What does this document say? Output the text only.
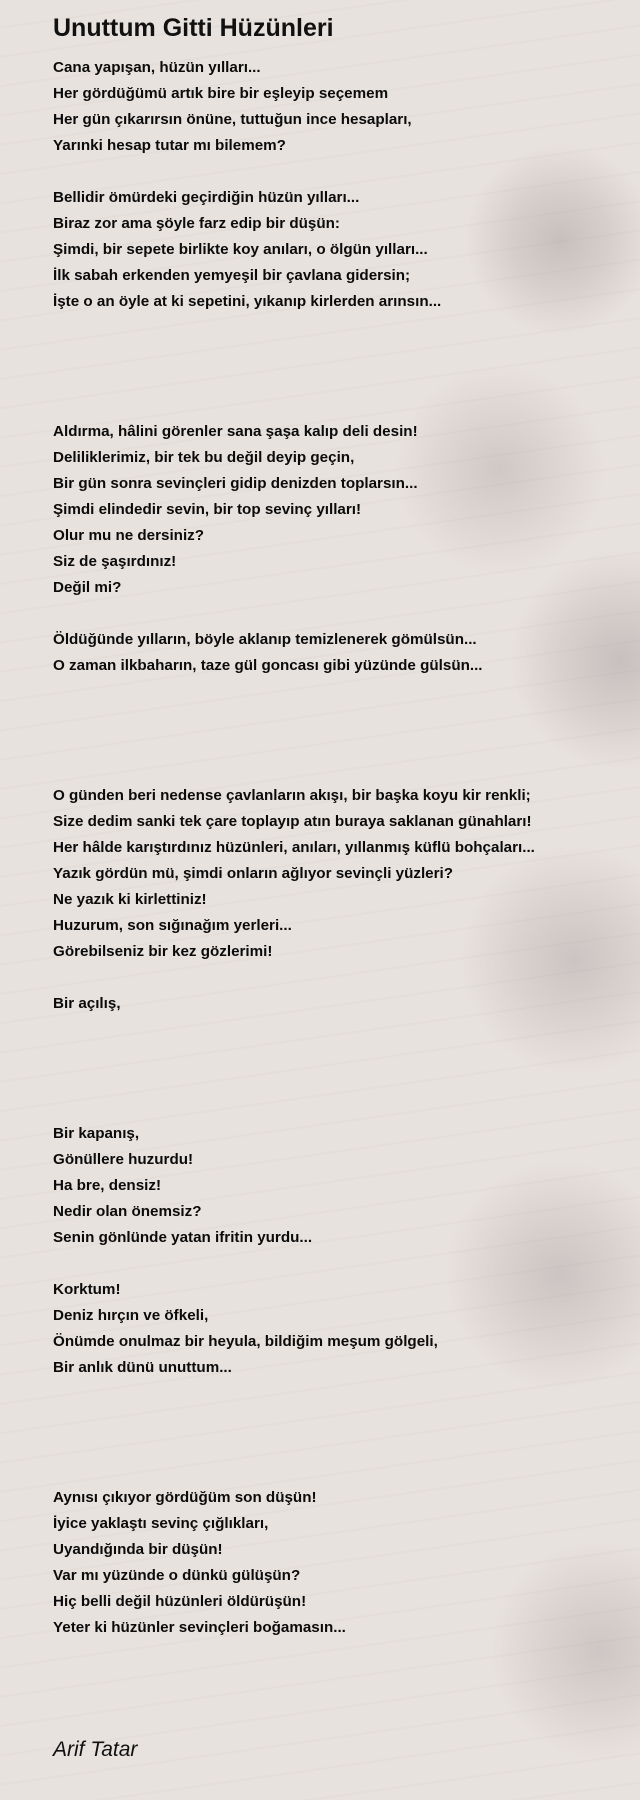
Unuttum Gitti Hüzünleri
Cana yapışan, hüzün yılları...
Her gördüğümü artık bire bir eşleyip seçemem
Her gün çıkarırsın önüne, tuttuğun ince hesapları,
Yarınki hesap tutar mı bilemem?
Bellidir ömürdeki geçirdiğin hüzün yılları...
Biraz zor ama şöyle farz edip bir düşün:
Şimdi, bir sepete birlikte koy anıları, o ölgün yılları...
İlk sabah erkenden yemyeşil bir çavlana gidersin;
İşte o an öyle at ki sepetini, yıkanıp kirlerden arınsın...
Aldırma, hâlini görenler sana şaşa kalıp deli desin!
Deliliklerimiz, bir tek bu değil deyip geçin,
Bir gün sonra sevinçleri gidip denizden toplarsın...
Şimdi elindedir sevin, bir top sevinç yılları!
Olur mu ne dersiniz?
Siz de şaşırdınız!
Değil mi?
Öldüğünde yılların, böyle aklanıp temizlenerek gömülsün...
O zaman ilkbaharın, taze gül goncası gibi yüzünde gülsün...
O günden beri nedense çavlanların akışı, bir başka koyu kir renkli;
Size dedim sanki tek çare toplayıp atın buraya saklanan günahları!
Her hâlde karıştırdınız hüzünleri, anıları, yıllanmış küflü bohçaları...
Yazık gördün mü, şimdi onların ağlıyor sevinçli yüzleri?
Ne yazık ki kirlettiniz!
Huzurum, son sığınağım yerleri...
Görebilseniz bir kez gözlerimi!
Bir açılış,
Bir kapanış,
Gönüllere huzurdu!
Ha bre, densiz!
Nedir olan önemsiz?
Senin gönlünde yatan ifritin yurdu...
Korktum!
Deniz hırçın ve öfkeli,
Önümde onulmaz bir heyula, bildiğim meşum gölgeli,
Bir anlık dünü unuttum...
Aynısı çıkıyor gördüğüm son düşün!
İyice yaklaştı sevinç çığlıkları,
Uyandığında bir düşün!
Var mı yüzünde o dünkü gülüşün?
Hiç belli değil hüzünleri öldürüşün!
Yeter ki hüzünler sevinçleri boğamasın...
Arif Tatar
